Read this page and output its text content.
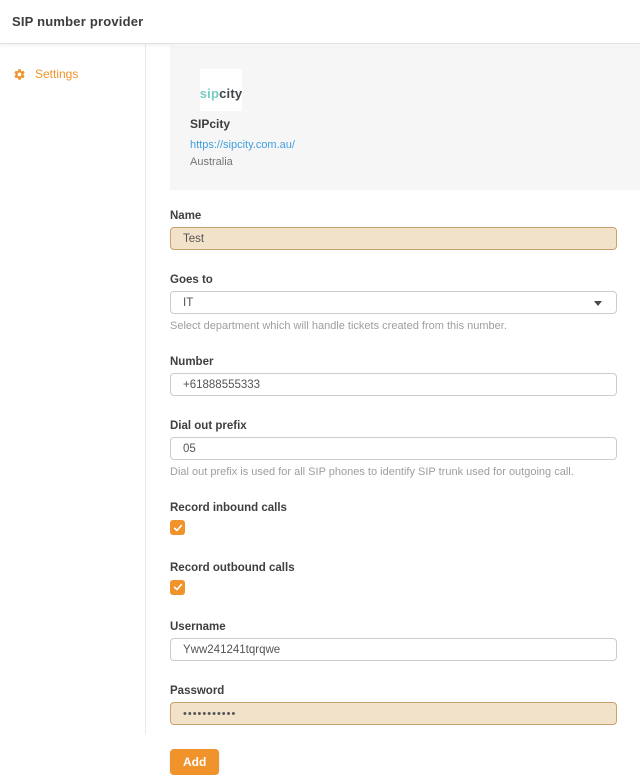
SIP number provider
Settings
sipcity
SIPcity
https://sipcity.com.au/
Australia
Name
Test
Goes to
IT
Select department which will handle tickets created from this number.
Number
+61888555333
Dial out prefix
05
Dial out prefix is used for all SIP phones to identify SIP trunk used for outgoing call.
Record inbound calls
Record outbound calls
Username
Yww241241tqrqwe
Password
•••••••••••
Add
